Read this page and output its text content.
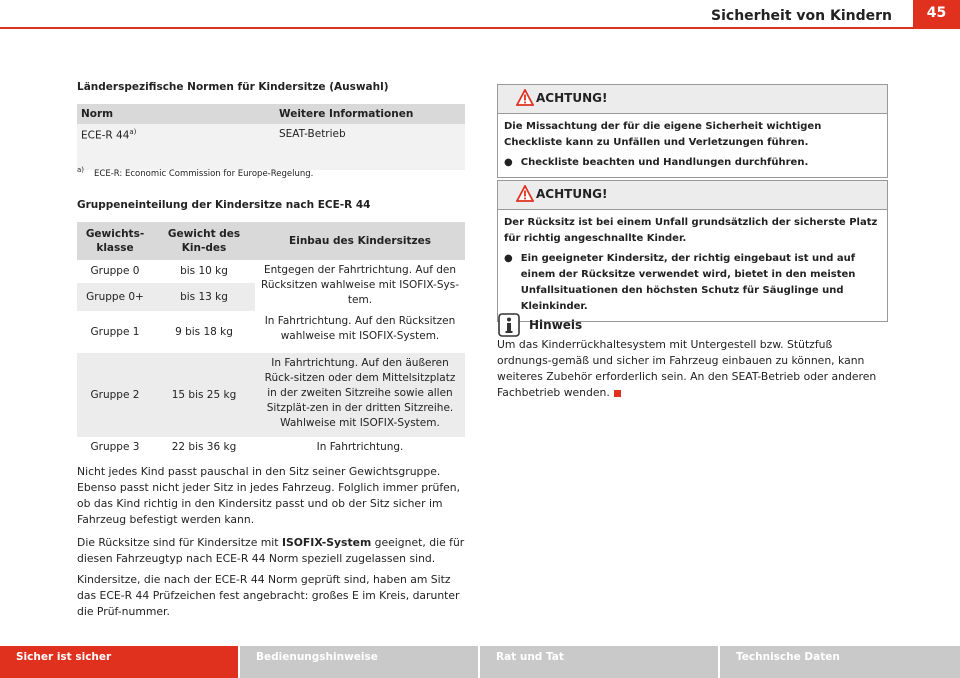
Sicherheit von Kindern	45
Länderspezifische Normen für Kindersitze (Auswahl)
Norm	Weitere Informationen
ECE-R 44$^{a)}$	SEAT-Betrieb
$^{a)}$ ECE-R: Economic Commission for Europe-Regelung.
Gruppeneinteilung der Kindersitze nach ECE-R 44
Gewichts-klasse	Gewicht des Kin-des	Einbau des Kindersitzes
Gruppe 0	bis 10 kg	Entgegen der Fahrtrichtung. Auf den Rücksitzen wahlweise mit ISOFIX-Sys-tem.
Gruppe 0+	bis 13 kg	
Gruppe 1	9 bis 18 kg	In Fahrtrichtung. Auf den Rücksitzen wahlweise mit ISOFIX-System.
Gruppe 2	15 bis 25 kg	In Fahrtrichtung. Auf den äußeren Rück-sitzen oder dem Mittelsitzplatz in der zweiten Sitzreihe sowie allen Sitzplät-zen in der dritten Sitzreihe. Wahlweise mit ISOFIX-System.
Gruppe 3	22 bis 36 kg	In Fahrtrichtung.
Nicht jedes Kind passt pauschal in den Sitz seiner Gewichtsgruppe. Ebenso passt nicht jeder Sitz in jedes Fahrzeug. Folglich immer prüfen, ob das Kind richtig in den Kindersitz passt und ob der Sitz sicher im Fahrzeug befestigt werden kann.
Die Rücksitze sind für Kindersitze mit ISOFIX-System geeignet, die für diesen Fahrzeugtyp nach ECE-R 44 Norm speziell zugelassen sind.
Kindersitze, die nach der ECE-R 44 Norm geprüft sind, haben am Sitz das ECE-R 44 Prüfzeichen fest angebracht: großes E im Kreis, darunter die Prüf-nummer.
ACHTUNG!
Die Missachtung der für die eigene Sicherheit wichtigen Checkliste kann zu Unfällen und Verletzungen führen.
● Checkliste beachten und Handlungen durchführen.
ACHTUNG!
Der Rücksitz ist bei einem Unfall grundsätzlich der sicherste Platz für richtig angeschnallte Kinder.
● Ein geeigneter Kindersitz, der richtig eingebaut ist und auf einem der Rücksitze verwendet wird, bietet in den meisten Unfallsituationen den höchsten Schutz für Säuglinge und Kleinkinder.
Hinweis
Um das Kinderrückhaltesystem mit Untergestell bzw. Stützfuß ordnungs-gemäß und sicher im Fahrzeug einbauen zu können, kann weiteres Zubehör erforderlich sein. An den SEAT-Betrieb oder anderen Fachbetrieb wenden.
Sicher ist sicher	Bedienungshinweise	Rat und Tat	Technische Daten
